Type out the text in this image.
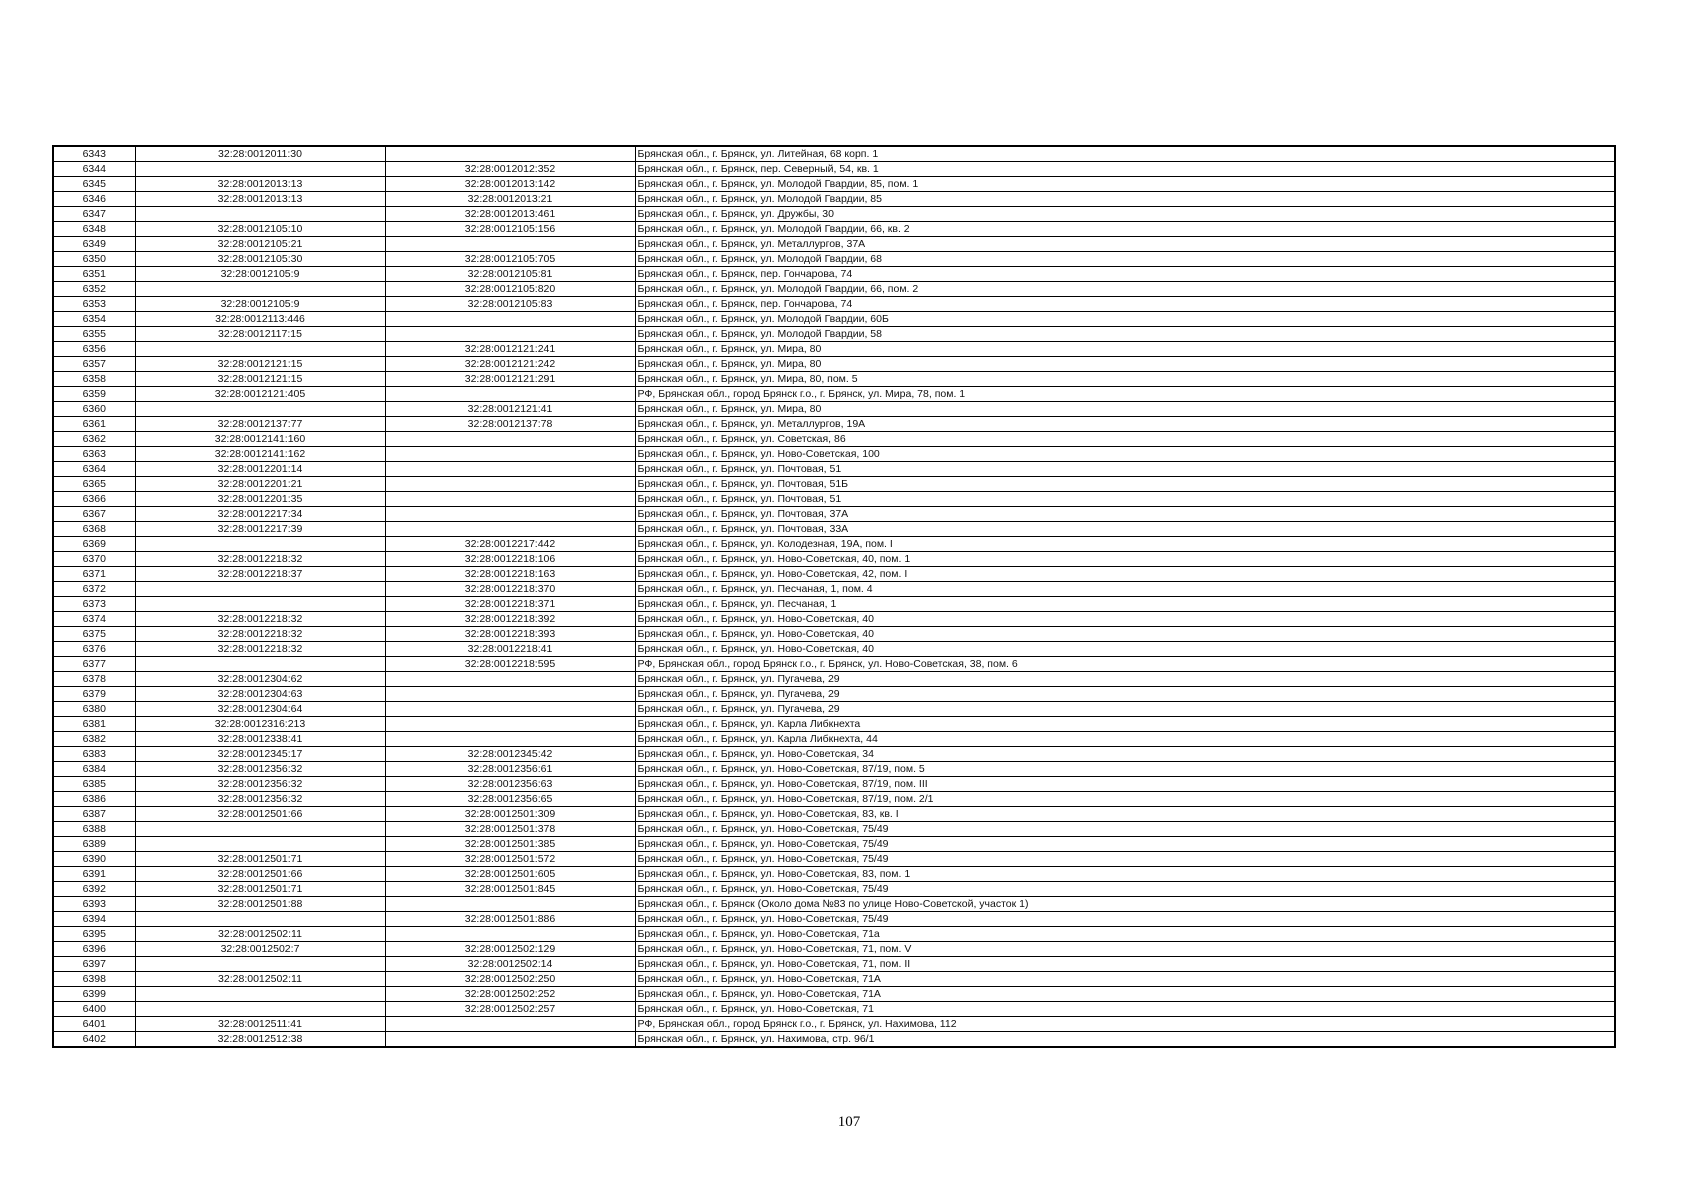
6343	32:28:0012011:30		Брянская обл., г. Брянск, ул. Литейная, 68 корп. 1
6344		32:28:0012012:352	Брянская обл., г. Брянск, пер. Северный, 54, кв. 1
6345	32:28:0012013:13	32:28:0012013:142	Брянская обл., г. Брянск, ул. Молодой Гвардии, 85, пом. 1
6346	32:28:0012013:13	32:28:0012013:21	Брянская обл., г. Брянск, ул. Молодой Гвардии, 85
6347		32:28:0012013:461	Брянская обл., г. Брянск, ул. Дружбы, 30
6348	32:28:0012105:10	32:28:0012105:156	Брянская обл., г. Брянск, ул. Молодой Гвардии, 66, кв. 2
6349	32:28:0012105:21		Брянская обл., г. Брянск, ул. Металлургов, 37А
6350	32:28:0012105:30	32:28:0012105:705	Брянская обл., г. Брянск, ул. Молодой Гвардии, 68
6351	32:28:0012105:9	32:28:0012105:81	Брянская обл., г. Брянск, пер. Гончарова, 74
6352		32:28:0012105:820	Брянская обл., г. Брянск, ул. Молодой Гвардии, 66, пом. 2
6353	32:28:0012105:9	32:28:0012105:83	Брянская обл., г. Брянск, пер. Гончарова, 74
6354	32:28:0012113:446		Брянская обл., г. Брянск, ул. Молодой Гвардии, 60Б
6355	32:28:0012117:15		Брянская обл., г. Брянск, ул. Молодой Гвардии, 58
6356		32:28:0012121:241	Брянская обл., г. Брянск, ул. Мира, 80
6357	32:28:0012121:15	32:28:0012121:242	Брянская обл., г. Брянск, ул. Мира, 80
6358	32:28:0012121:15	32:28:0012121:291	Брянская обл., г. Брянск, ул. Мира, 80, пом. 5
6359	32:28:0012121:405		РФ, Брянская обл., город Брянск г.о., г. Брянск, ул. Мира, 78, пом. 1
6360		32:28:0012121:41	Брянская обл., г. Брянск, ул. Мира, 80
6361	32:28:0012137:77	32:28:0012137:78	Брянская обл., г. Брянск, ул. Металлургов, 19А
6362	32:28:0012141:160		Брянская обл., г. Брянск, ул. Советская, 86
6363	32:28:0012141:162		Брянская обл., г. Брянск, ул. Ново-Советская, 100
6364	32:28:0012201:14		Брянская обл., г. Брянск, ул. Почтовая, 51
6365	32:28:0012201:21		Брянская обл., г. Брянск, ул. Почтовая, 51Б
6366	32:28:0012201:35		Брянская обл., г. Брянск, ул. Почтовая, 51
6367	32:28:0012217:34		Брянская обл., г. Брянск, ул. Почтовая, 37А
6368	32:28:0012217:39		Брянская обл., г. Брянск, ул. Почтовая, 33А
6369		32:28:0012217:442	Брянская обл., г. Брянск, ул. Колодезная, 19А, пом. I
6370	32:28:0012218:32	32:28:0012218:106	Брянская обл., г. Брянск, ул. Ново-Советская, 40, пом. 1
6371	32:28:0012218:37	32:28:0012218:163	Брянская обл., г. Брянск, ул. Ново-Советская, 42, пом. I
6372		32:28:0012218:370	Брянская обл., г. Брянск, ул. Песчаная, 1, пом. 4
6373		32:28:0012218:371	Брянская обл., г. Брянск, ул. Песчаная, 1
6374	32:28:0012218:32	32:28:0012218:392	Брянская обл., г. Брянск, ул. Ново-Советская, 40
6375	32:28:0012218:32	32:28:0012218:393	Брянская обл., г. Брянск, ул. Ново-Советская, 40
6376	32:28:0012218:32	32:28:0012218:41	Брянская обл., г. Брянск, ул. Ново-Советская, 40
6377		32:28:0012218:595	РФ, Брянская обл., город Брянск г.о., г. Брянск, ул. Ново-Советская, 38, пом. 6
6378	32:28:0012304:62		Брянская обл., г. Брянск, ул. Пугачева, 29
6379	32:28:0012304:63		Брянская обл., г. Брянск, ул. Пугачева, 29
6380	32:28:0012304:64		Брянская обл., г. Брянск, ул. Пугачева, 29
6381	32:28:0012316:213		Брянская обл., г. Брянск, ул. Карла Либкнехта
6382	32:28:0012338:41		Брянская обл., г. Брянск, ул. Карла Либкнехта, 44
6383	32:28:0012345:17	32:28:0012345:42	Брянская обл., г. Брянск, ул. Ново-Советская, 34
6384	32:28:0012356:32	32:28:0012356:61	Брянская обл., г. Брянск, ул. Ново-Советская, 87/19, пом. 5
6385	32:28:0012356:32	32:28:0012356:63	Брянская обл., г. Брянск, ул. Ново-Советская, 87/19, пом. III
6386	32:28:0012356:32	32:28:0012356:65	Брянская обл., г. Брянск, ул. Ново-Советская, 87/19, пом. 2/1
6387	32:28:0012501:66	32:28:0012501:309	Брянская обл., г. Брянск, ул. Ново-Советская, 83, кв. I
6388		32:28:0012501:378	Брянская обл., г. Брянск, ул. Ново-Советская, 75/49
6389		32:28:0012501:385	Брянская обл., г. Брянск, ул. Ново-Советская, 75/49
6390	32:28:0012501:71	32:28:0012501:572	Брянская обл., г. Брянск, ул. Ново-Советская, 75/49
6391	32:28:0012501:66	32:28:0012501:605	Брянская обл., г. Брянск, ул. Ново-Советская, 83, пом. 1
6392	32:28:0012501:71	32:28:0012501:845	Брянская обл., г. Брянск, ул. Ново-Советская, 75/49
6393	32:28:0012501:88		Брянская обл., г. Брянск (Около дома №83 по улице Ново-Советской, участок 1)
6394		32:28:0012501:886	Брянская обл., г. Брянск, ул. Ново-Советская, 75/49
6395	32:28:0012502:11		Брянская обл., г. Брянск, ул. Ново-Советская, 71а
6396	32:28:0012502:7	32:28:0012502:129	Брянская обл., г. Брянск, ул. Ново-Советская, 71, пом. V
6397		32:28:0012502:14	Брянская обл., г. Брянск, ул. Ново-Советская, 71, пом. II
6398	32:28:0012502:11	32:28:0012502:250	Брянская обл., г. Брянск, ул. Ново-Советская, 71А
6399		32:28:0012502:252	Брянская обл., г. Брянск, ул. Ново-Советская, 71А
6400		32:28:0012502:257	Брянская обл., г. Брянск, ул. Ново-Советская, 71
6401	32:28:0012511:41		РФ, Брянская обл., город Брянск г.о., г. Брянск, ул. Нахимова, 112
6402	32:28:0012512:38		Брянская обл., г. Брянск, ул. Нахимова, стр. 96/1
107
